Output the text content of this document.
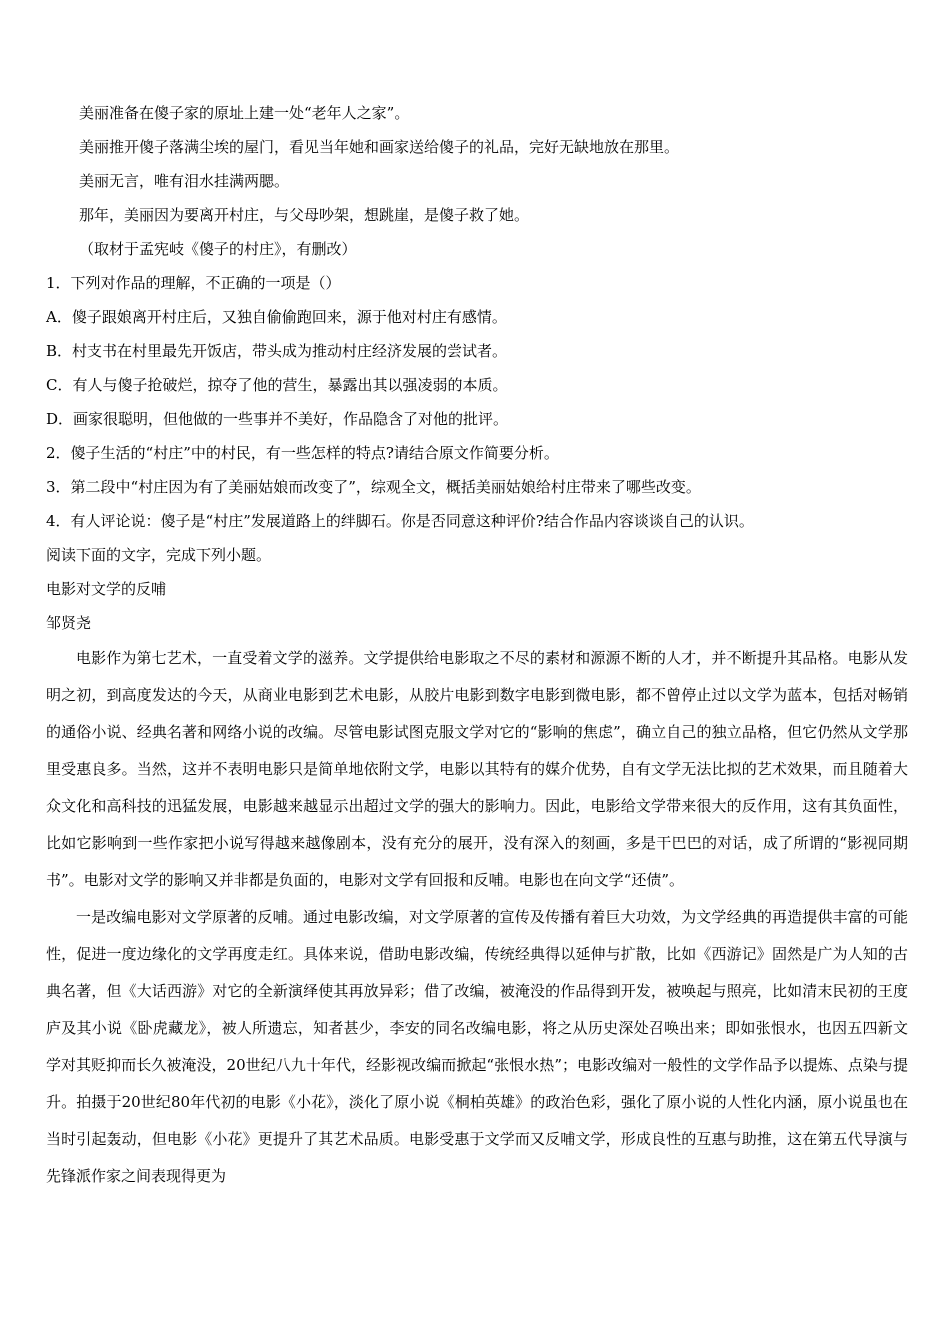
美丽准备在傻子家的原址上建一处“老年人之家”。
美丽推开傻子落满尘埃的屋门，看见当年她和画家送给傻子的礼品，完好无缺地放在那里。
美丽无言，唯有泪水挂满两腮。
那年，美丽因为要离开村庄，与父母吵架，想跳崖，是傻子救了她。
（取材于孟宪岐《傻子的村庄》，有删改）
1．下列对作品的理解，不正确的一项是（）
A．傻子跟娘离开村庄后，又独自偷偷跑回来，源于他对村庄有感情。
B．村支书在村里最先开饭店，带头成为推动村庄经济发展的尝试者。
C．有人与傻子抢破烂，掠夺了他的营生，暴露出其以强凌弱的本质。
D．画家很聪明，但他做的一些事并不美好，作品隐含了对他的批评。
2．傻子生活的“村庄”中的村民，有一些怎样的特点?请结合原文作简要分析。
3．第二段中“村庄因为有了美丽姑娘而改变了”，综观全文，概括美丽姑娘给村庄带来了哪些改变。
4．有人评论说：傻子是“村庄”发展道路上的绊脚石。你是否同意这种评价?结合作品内容谈谈自己的认识。
阅读下面的文字，完成下列小题。
电影对文学的反哺
邹贤尧
电影作为第七艺术，一直受着文学的滋养。文学提供给电影取之不尽的素材和源源不断的人才，并不断提升其品格。电影从发明之初，到高度发达的今天，从商业电影到艺术电影，从胶片电影到数字电影到微电影，都不曾停止过以文学为蓝本，包括对畅销的通俗小说、经典名著和网络小说的改编。尽管电影试图克服文学对它的“影响的焦虑”，确立自己的独立品格，但它仍然从文学那里受惠良多。当然，这并不表明电影只是简单地依附文学，电影以其特有的媒介优势，自有文学无法比拟的艺术效果，而且随着大众文化和高科技的迅猛发展，电影越来越显示出超过文学的强大的影响力。因此，电影给文学带来很大的反作用，这有其负面性，比如它影响到一些作家把小说写得越来越像剧本，没有充分的展开，没有深入的刻画，多是干巴巴的对话，成了所谓的“影视同期书”。电影对文学的影响又并非都是负面的，电影对文学有回报和反哺。电影也在向文学“还债”。
一是改编电影对文学原著的反哺。通过电影改编，对文学原著的宣传及传播有着巨大功效，为文学经典的再造提供丰富的可能性，促进一度边缘化的文学再度走红。具体来说，借助电影改编，传统经典得以延伸与扩散，比如《西游记》固然是广为人知的古典名著，但《大话西游》对它的全新演绎使其再放异彩；借了改编，被淹没的作品得到开发，被唤起与照亮，比如清末民初的王度庐及其小说《卧虎藏龙》，被人所遗忘，知者甚少，李安的同名改编电影，将之从历史深处召唤出来；即如张恨水，也因五四新文学对其贬抑而长久被淹没，20世纪八九十年代，经影视改编而掀起“张恨水热”；电影改编对一般性的文学作品予以提炼、点染与提升。拍摄于20世纪80年代初的电影《小花》，淡化了原小说《桐柏英雄》的政治色彩，强化了原小说的人性化内涵，原小说虽也在当时引起轰动，但电影《小花》更提升了其艺术品质。电影受惠于文学而又反哺文学，形成良性的互惠与助推，这在第五代导演与先锋派作家之间表现得更为
